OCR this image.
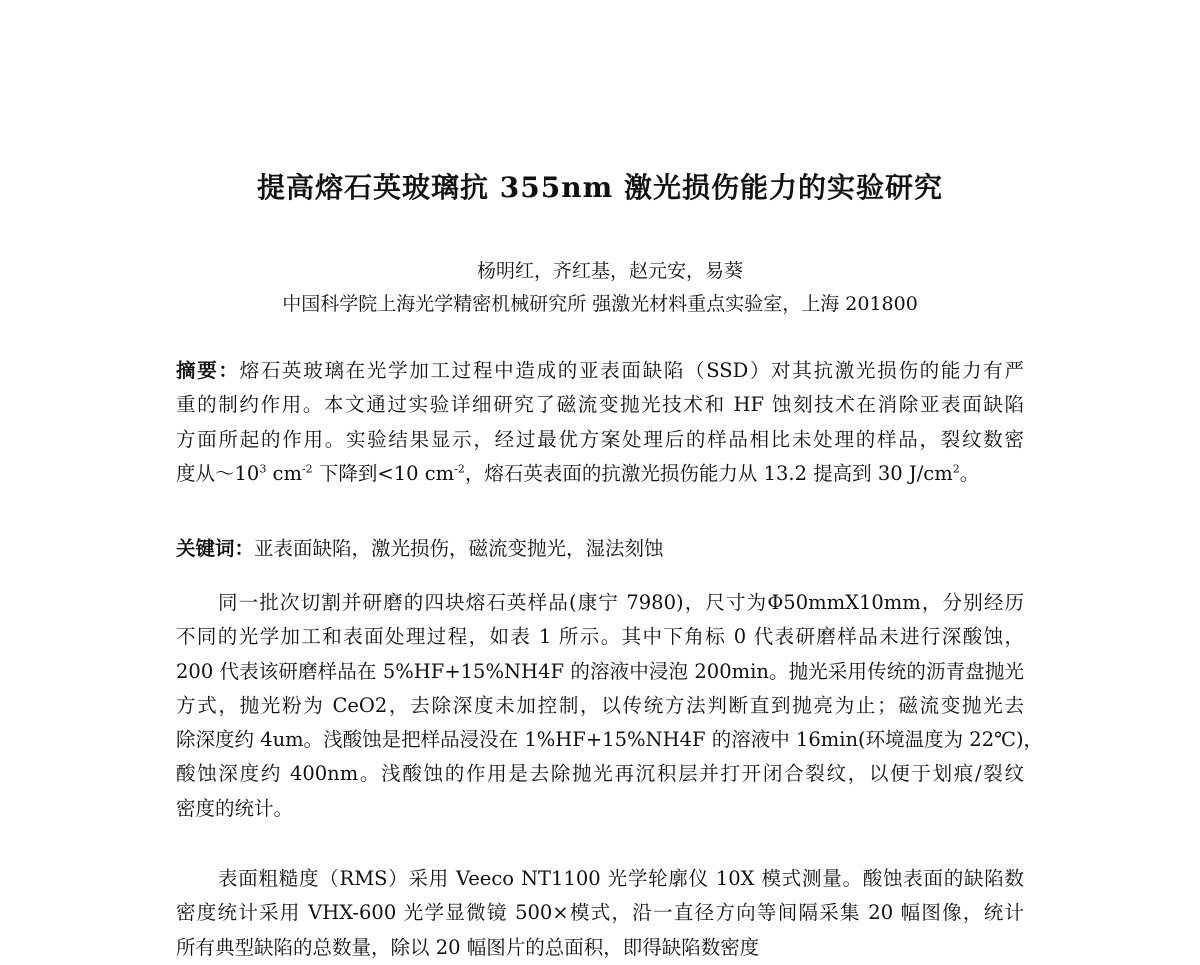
提高熔石英玻璃抗 355nm 激光损伤能力的实验研究
杨明红，齐红基，赵元安，易葵
中国科学院上海光学精密机械研究所 强激光材料重点实验室，上海 201800
摘要：熔石英玻璃在光学加工过程中造成的亚表面缺陷（SSD）对其抗激光损伤的能力有严
重的制约作用。本文通过实验详细研究了磁流变抛光技术和 HF 蚀刻技术在消除亚表面缺陷
方面所起的作用。实验结果显示，经过最优方案处理后的样品相比未处理的样品，裂纹数密
度从$\sim 10^3$ $cm^{-2}$ 下降到<10 $cm^{-2}$，熔石英表面的抗激光损伤能力从 13.2 提高到 30 $J/cm^2$。
关键词：亚表面缺陷，激光损伤，磁流变抛光，湿法刻蚀
同一批次切割并研磨的四块熔石英样品(康宁 7980)，尺寸为Φ50mmX10mm，分别经历
不同的光学加工和表面处理过程，如表 1 所示。其中下角标 0 代表研磨样品未进行深酸蚀，
200 代表该研磨样品在 5%HF+15%NH4F 的溶液中浸泡 200min。抛光采用传统的沥青盘抛光
方式，抛光粉为 CeO2，去除深度未加控制，以传统方法判断直到抛亮为止；磁流变抛光去
除深度约 4um。浅酸蚀是把样品浸没在 1%HF+15%NH4F 的溶液中 16min(环境温度为 22℃)，
酸蚀深度约 400nm。浅酸蚀的作用是去除抛光再沉积层并打开闭合裂纹，以便于划痕/裂纹
密度的统计。
表面粗糙度（RMS）采用 Veeco NT1100 光学轮廓仪 10X 模式测量。酸蚀表面的缺陷数
密度统计采用 VHX-600 光学显微镜 500×模式，沿一直径方向等间隔采集 20 幅图像，统计
所有典型缺陷的总数量，除以 20 幅图片的总面积，即得缺陷数密度
